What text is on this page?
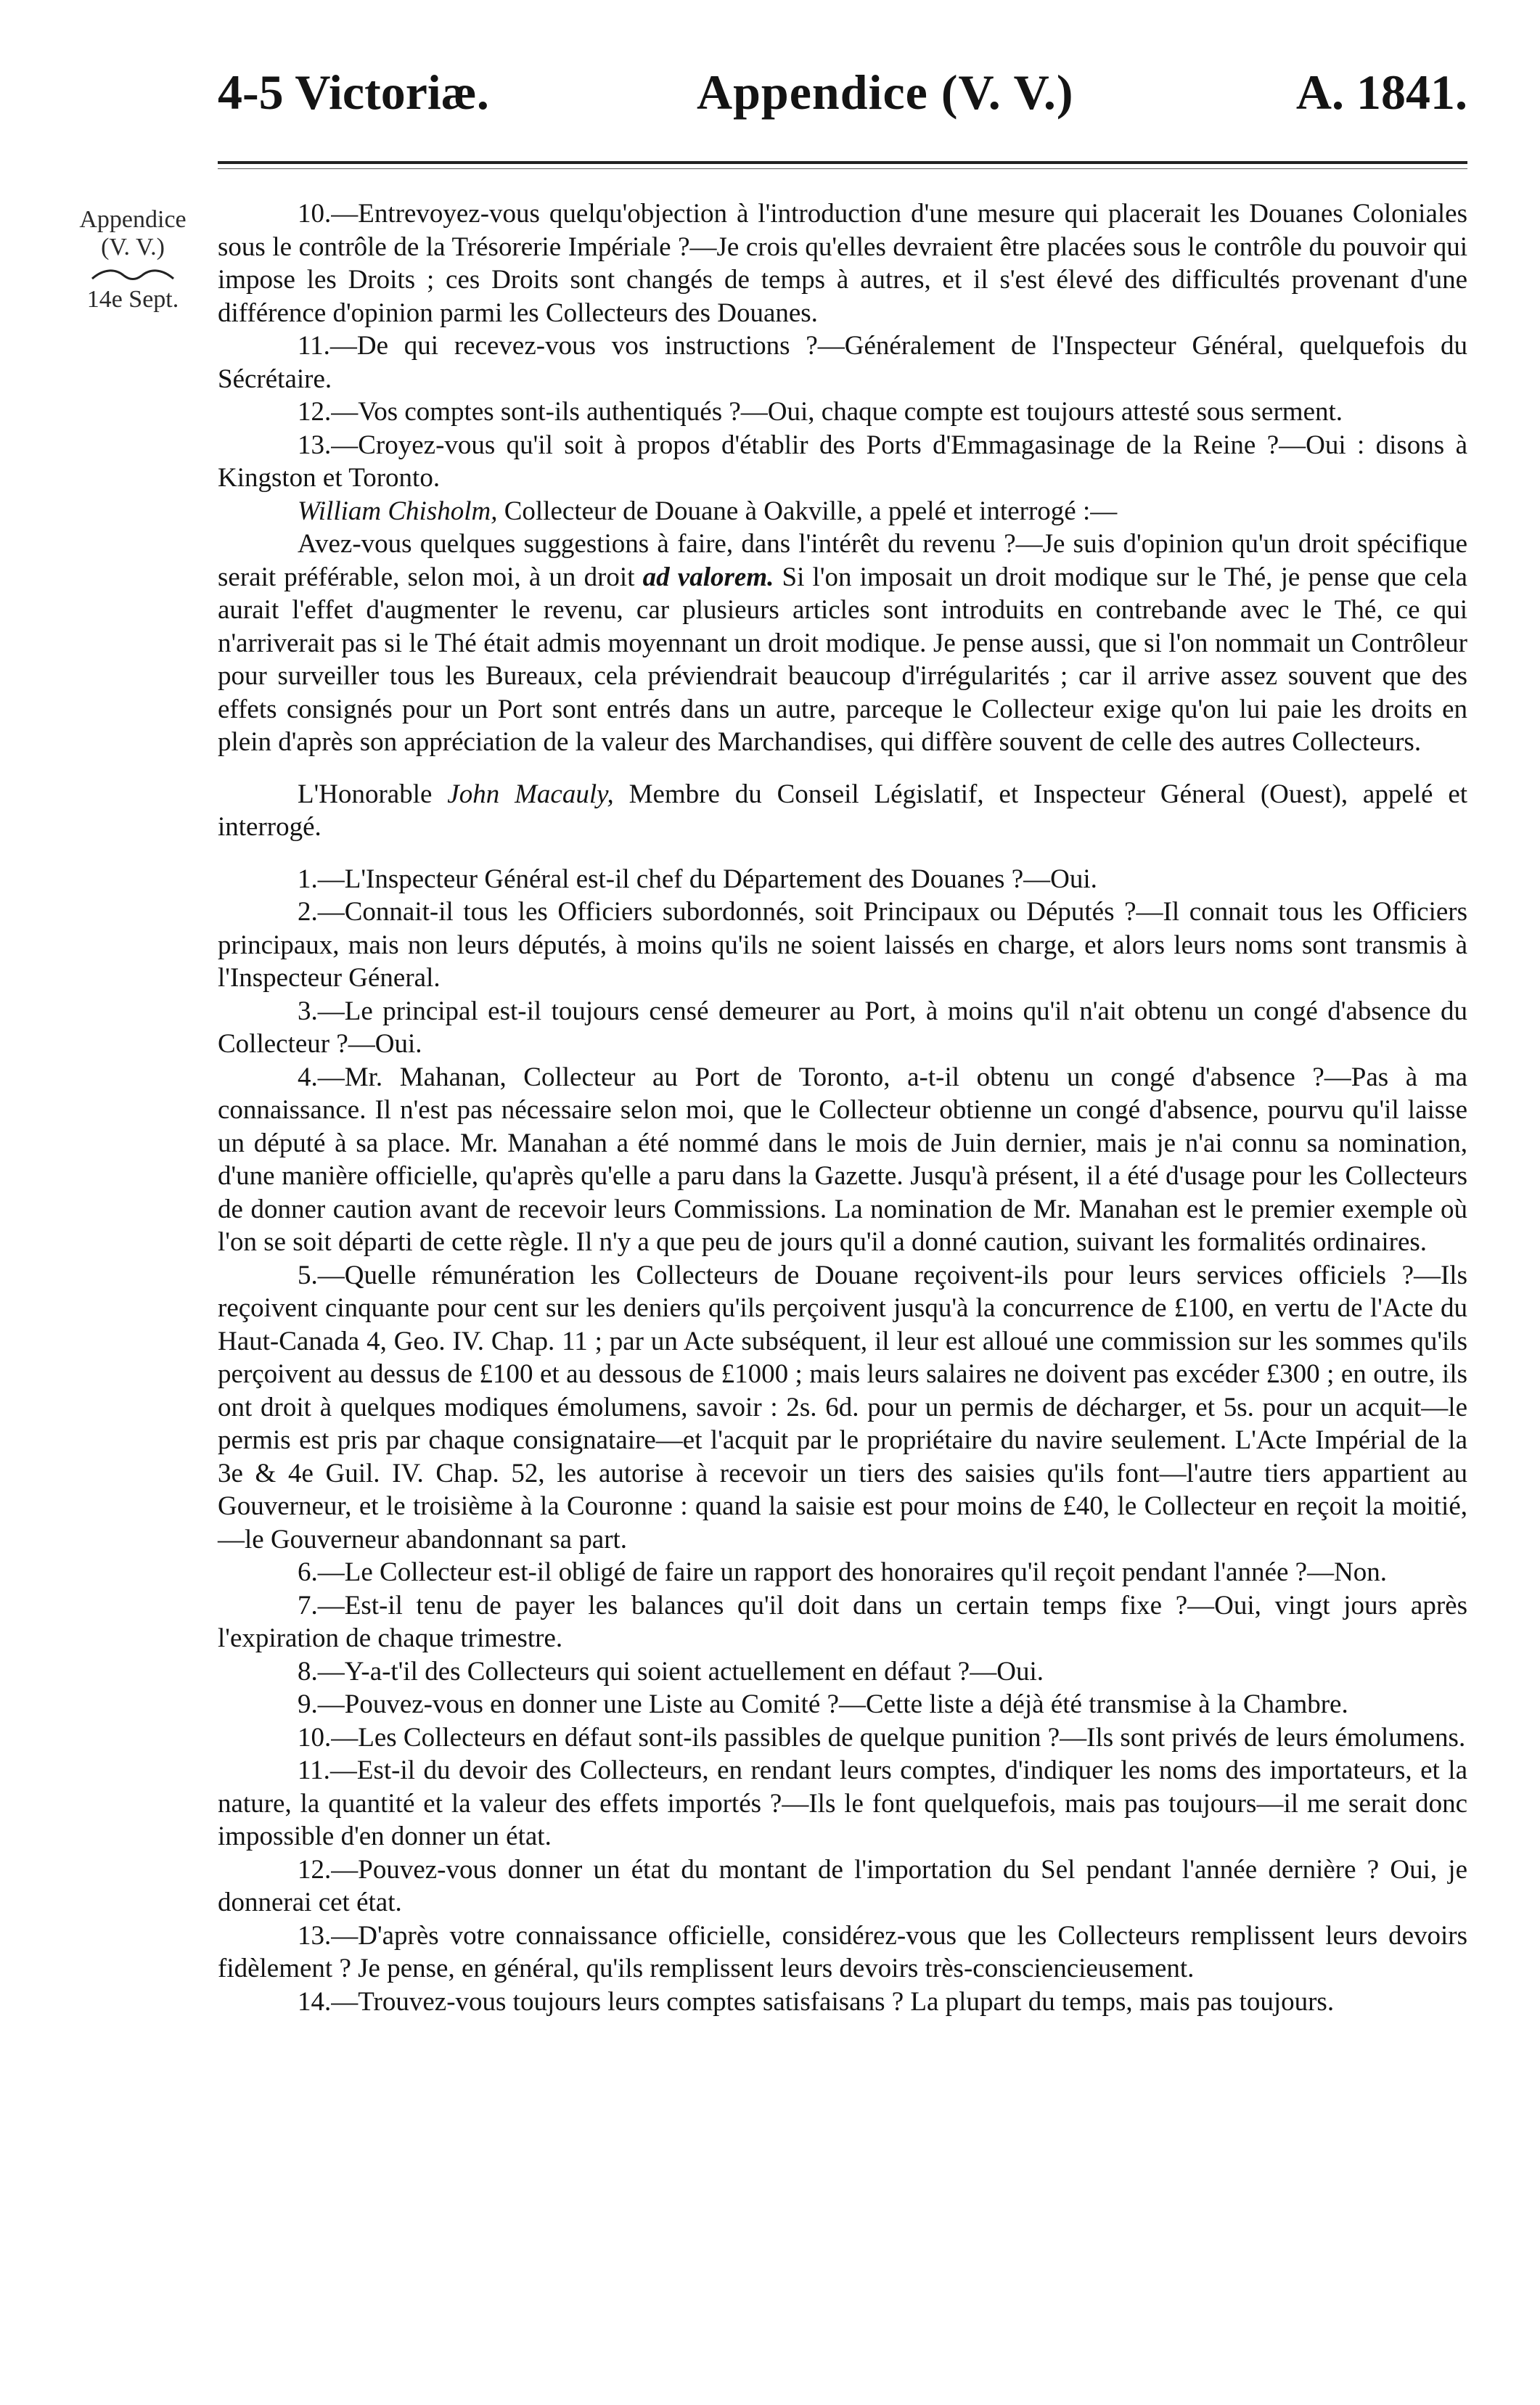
4-5 Victoriæ.	Appendice (V. V.)	A. 1841.
Appendice
(V. V.)
14e Sept.

10.—Entrevoyez-vous quelqu'objection à l'introduction d'une mesure qui placerait les Douanes Coloniales sous le contrôle de la Trésorerie Impériale ?—Je crois qu'elles devraient être placées sous le contrôle du pouvoir qui impose les Droits ; ces Droits sont changés de temps à autres, et il s'est élevé des difficultés provenant d'une différence d'opinion parmi les Collecteurs des Douanes.

11.—De qui recevez-vous vos instructions ?—Généralement de l'Inspecteur Général, quelquefois du Sécrétaire.

12.—Vos comptes sont-ils authentiqués ?—Oui, chaque compte est toujours attesté sous serment.

13.—Croyez-vous qu'il soit à propos d'établir des Ports d'Emmagasinage de la Reine ?—Oui : disons à Kingston et Toronto.

William Chisholm, Collecteur de Douane à Oakville, a ppelé et interrogé :—

Avez-vous quelques suggestions à faire, dans l'intérêt du revenu ?—Je suis d'opinion qu'un droit spécifique serait préférable, selon moi, à un droit ad valorem. Si l'on imposait un droit modique sur le Thé, je pense que cela aurait l'effet d'augmenter le revenu, car plusieurs articles sont introduits en contrebande avec le Thé, ce qui n'arriverait pas si le Thé était admis moyennant un droit modique. Je pense aussi, que si l'on nommait un Contrôleur pour surveiller tous les Bureaux, cela préviendrait beaucoup d'irrégularités ; car il arrive assez souvent que des effets consignés pour un Port sont entrés dans un autre, parceque le Collecteur exige qu'on lui paie les droits en plein d'après son appréciation de la valeur des Marchandises, qui diffère souvent de celle des autres Collecteurs.

L'Honorable John Macauly, Membre du Conseil Législatif, et Inspecteur Géneral (Ouest), appelé et interrogé.

1.—L'Inspecteur Général est-il chef du Département des Douanes ?—Oui.

2.—Connait-il tous les Officiers subordonnés, soit Principaux ou Députés ?—Il connait tous les Officiers principaux, mais non leurs députés, à moins qu'ils ne soient laissés en charge, et alors leurs noms sont transmis à l'Inspecteur Géneral.

3.—Le principal est-il toujours censé demeurer au Port, à moins qu'il n'ait obtenu un congé d'absence du Collecteur ?—Oui.

4.—Mr. Mahanan, Collecteur au Port de Toronto, a-t-il obtenu un congé d'absence ?—Pas à ma connaissance. Il n'est pas nécessaire selon moi, que le Collecteur obtienne un congé d'absence, pourvu qu'il laisse un député à sa place. Mr. Manahan a été nommé dans le mois de Juin dernier, mais je n'ai connu sa nomination, d'une manière officielle, qu'après qu'elle a paru dans la Gazette. Jusqu'à présent, il a été d'usage pour les Collecteurs de donner caution avant de recevoir leurs Commissions. La nomination de Mr. Manahan est le premier exemple où l'on se soit départi de cette règle. Il n'y a que peu de jours qu'il a donné caution, suivant les formalités ordinaires.

5.—Quelle rémunération les Collecteurs de Douane reçoivent-ils pour leurs services officiels ?—Ils reçoivent cinquante pour cent sur les deniers qu'ils perçoivent jusqu'à la concurrence de £100, en vertu de l'Acte du Haut-Canada 4, Geo. IV. Chap. 11 ; par un Acte subséquent, il leur est alloué une commission sur les sommes qu'ils perçoivent au dessus de £100 et au dessous de £1000 ; mais leurs salaires ne doivent pas excéder £300 ; en outre, ils ont droit à quelques modiques émolumens, savoir : 2s. 6d. pour un permis de décharger, et 5s. pour un acquit—le permis est pris par chaque consignataire—et l'acquit par le propriétaire du navire seulement. L'Acte Impérial de la 3e & 4e Guil. IV. Chap. 52, les autorise à recevoir un tiers des saisies qu'ils font—l'autre tiers appartient au Gouverneur, et le troisième à la Couronne : quand la saisie est pour moins de £40, le Collecteur en reçoit la moitié,—le Gouverneur abandonnant sa part.

6.—Le Collecteur est-il obligé de faire un rapport des honoraires qu'il reçoit pendant l'année ?—Non.

7.—Est-il tenu de payer les balances qu'il doit dans un certain temps fixe ?—Oui, vingt jours après l'expiration de chaque trimestre.

8.—Y-a-t'il des Collecteurs qui soient actuellement en défaut ?—Oui.

9.—Pouvez-vous en donner une Liste au Comité ?—Cette liste a déjà été transmise à la Chambre.

10.—Les Collecteurs en défaut sont-ils passibles de quelque punition ?—Ils sont privés de leurs émolumens.

11.—Est-il du devoir des Collecteurs, en rendant leurs comptes, d'indiquer les noms des importateurs, et la nature, la quantité et la valeur des effets importés ?—Ils le font quelquefois, mais pas toujours—il me serait donc impossible d'en donner un état.

12.—Pouvez-vous donner un état du montant de l'importation du Sel pendant l'année dernière ? Oui, je donnerai cet état.

13.—D'après votre connaissance officielle, considérez-vous que les Collecteurs remplissent leurs devoirs fidèlement ? Je pense, en général, qu'ils remplissent leurs devoirs très-consciencieusement.

14.—Trouvez-vous toujours leurs comptes satisfaisans ? La plupart du temps, mais pas toujours.
